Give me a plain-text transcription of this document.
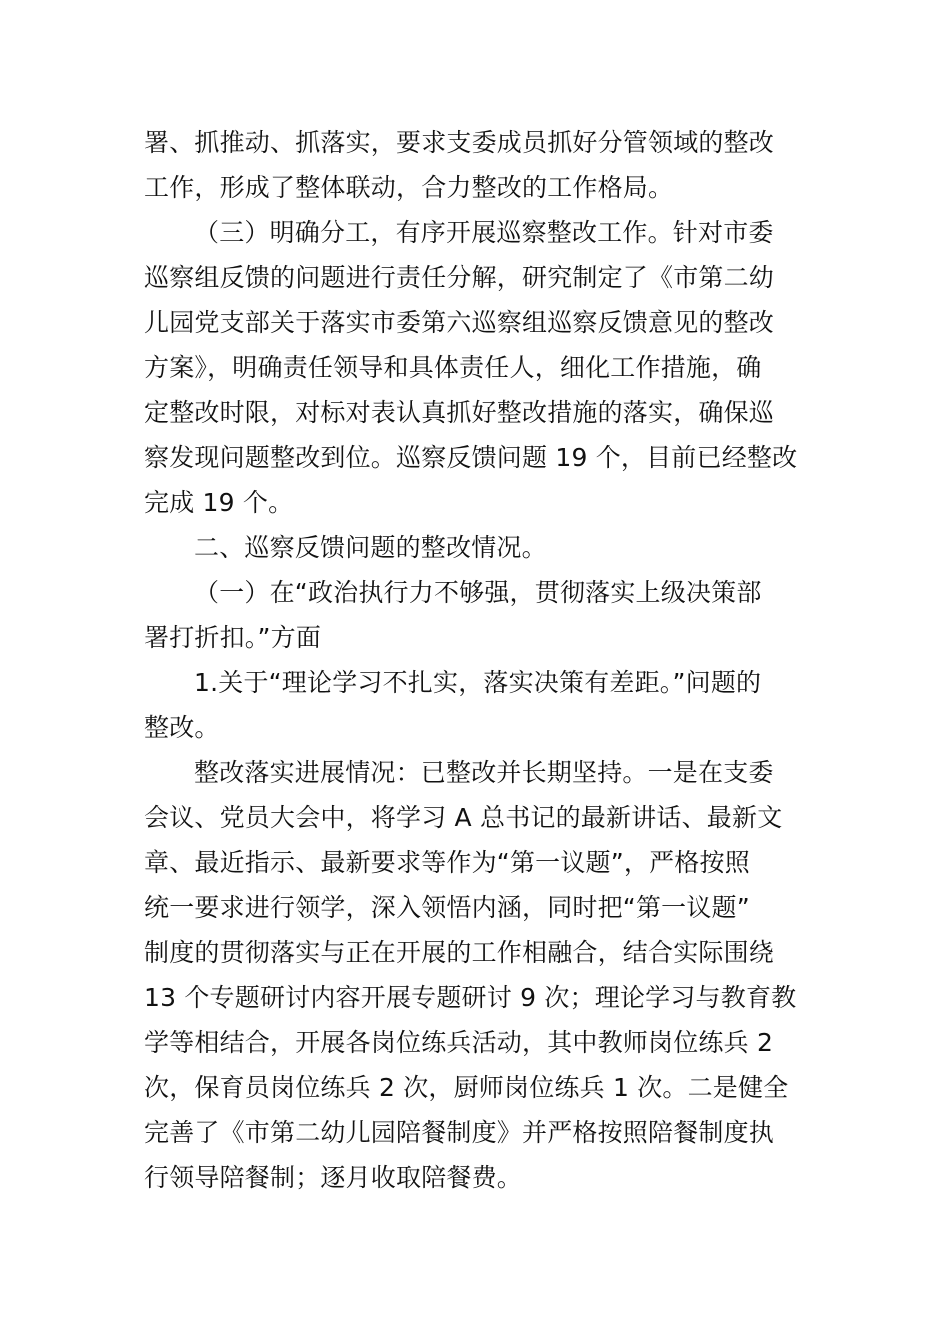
署、抓推动、抓落实，要求支委成员抓好分管领域的整改

工作，形成了整体联动，合力整改的工作格局。

（三）明确分工，有序开展巡察整改工作。针对市委

巡察组反馈的问题进行责任分解，研究制定了《市第二幼

儿园党支部关于落实市委第六巡察组巡察反馈意见的整改

方案》，明确责任领导和具体责任人，细化工作措施，确

定整改时限，对标对表认真抓好整改措施的落实，确保巡

察发现问题整改到位。巡察反馈问题 19 个，目前已经整改

完成 19 个。

二、巡察反馈问题的整改情况。

（一）在“政治执行力不够强，贯彻落实上级决策部

署打折扣。”方面

1.关于“理论学习不扎实，落实决策有差距。”问题的

整改。

整改落实进展情况：已整改并长期坚持。一是在支委

会议、党员大会中，将学习 A 总书记的最新讲话、最新文

章、最近指示、最新要求等作为“第一议题”，严格按照

统一要求进行领学，深入领悟内涵，同时把“第一议题”

制度的贯彻落实与正在开展的工作相融合，结合实际围绕

13 个专题研讨内容开展专题研讨 9 次；理论学习与教育教

学等相结合，开展各岗位练兵活动，其中教师岗位练兵 2

次，保育员岗位练兵 2 次，厨师岗位练兵 1 次。二是健全

完善了《市第二幼儿园陪餐制度》并严格按照陪餐制度执

行领导陪餐制；逐月收取陪餐费。
